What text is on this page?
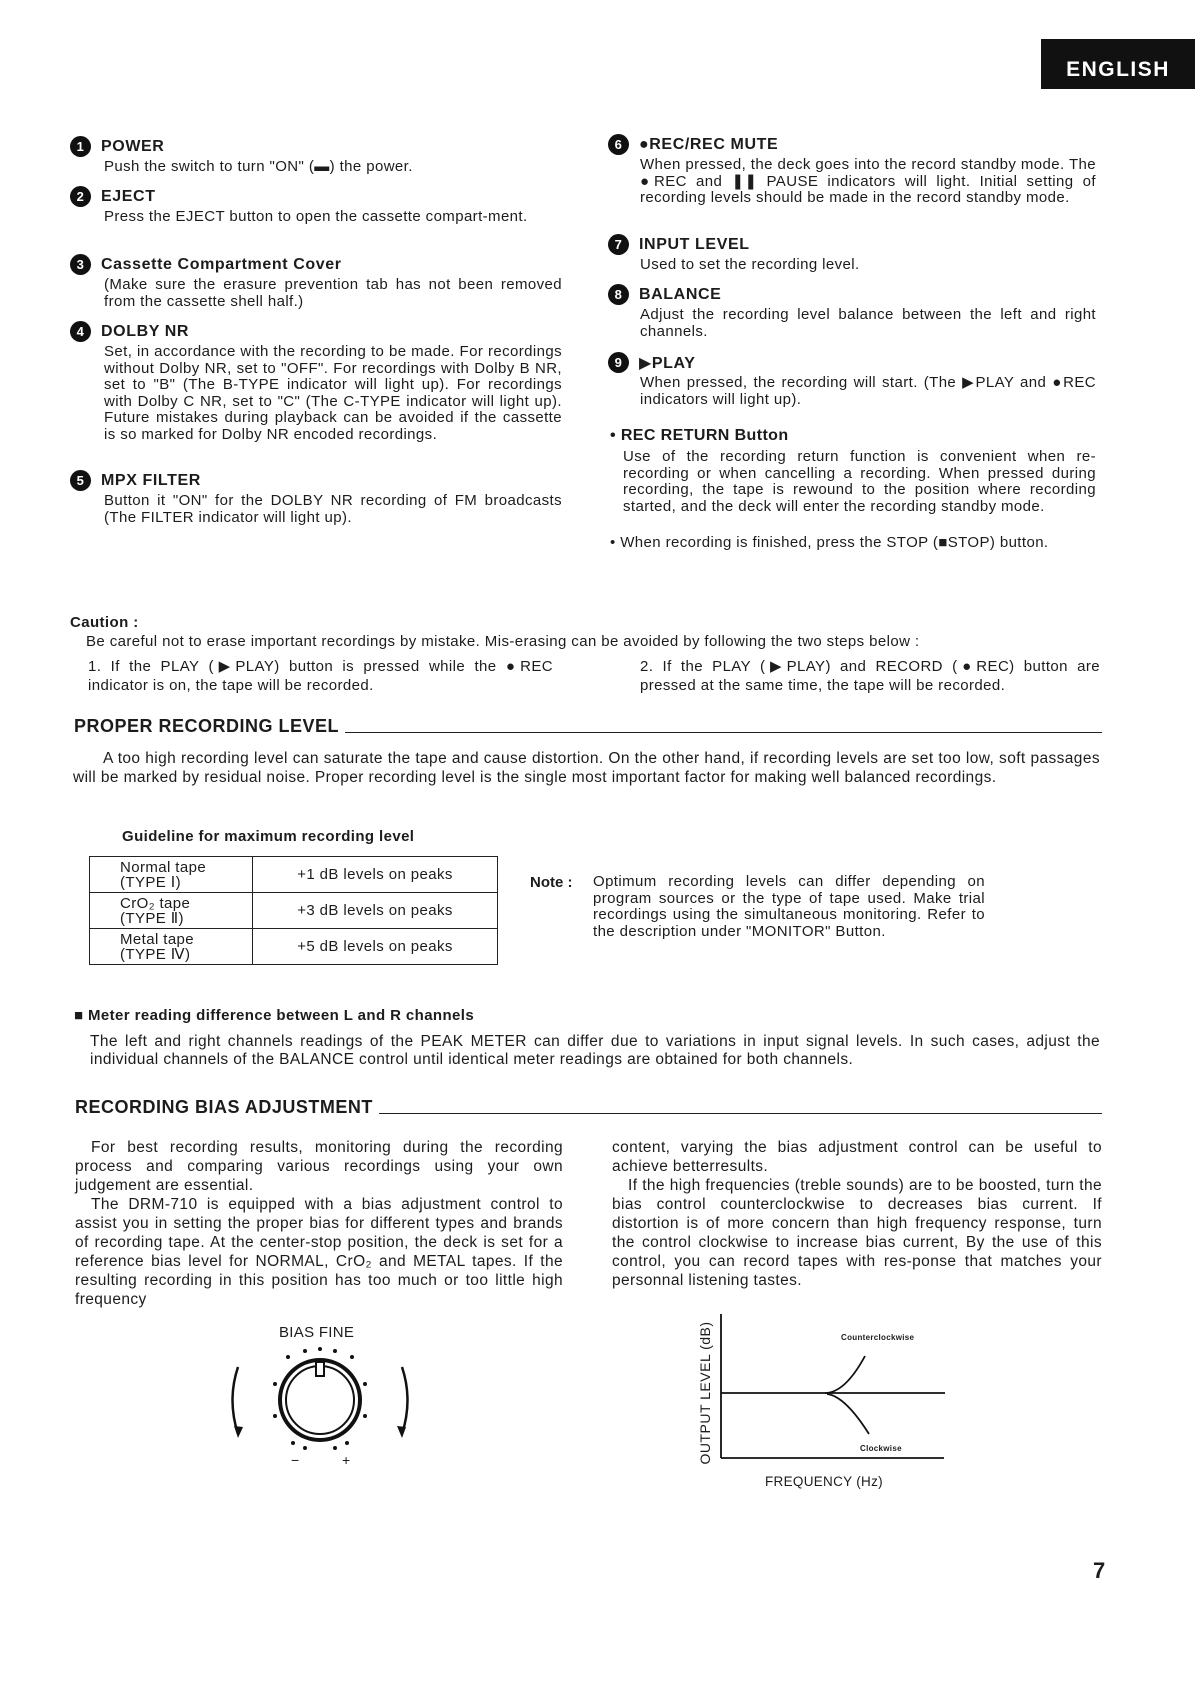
ENGLISH
1	POWER
Push the switch to turn "ON" (▬) the power.
2	EJECT
Press the EJECT button to open the cassette compart-ment.
3	Cassette Compartment Cover
(Make sure the erasure prevention tab has not been removed from the cassette shell half.)
4	DOLBY NR
Set, in accordance with the recording to be made. For recordings without Dolby NR, set to "OFF". For recordings with Dolby B NR, set to "B" (The B-TYPE indicator will light up). For recordings with Dolby C NR, set to "C" (The C-TYPE indicator will light up). Future mistakes during playback can be avoided if the cassette is so marked for Dolby NR encoded recordings.
5	MPX FILTER
Button it "ON" for the DOLBY NR recording of FM broadcasts (The FILTER indicator will light up).
6	●REC/REC MUTE
When pressed, the deck goes into the record standby mode. The ●REC and ❚❚ PAUSE indicators will light. Initial setting of recording levels should be made in the record standby mode.
7	INPUT LEVEL
Used to set the recording level.
8	BALANCE
Adjust the recording level balance between the left and right channels.
9	▶PLAY
When pressed, the recording will start. (The ▶PLAY and ●REC indicators will light up).
• REC RETURN Button
Use of the recording return function is convenient when re-recording or when cancelling a recording. When pressed during recording, the tape is rewound to the position where recording started, and the deck will enter the recording standby mode.
• When recording is finished, press the STOP (■STOP) button.
Caution :
Be careful not to erase important recordings by mistake. Mis-erasing can be avoided by following the two steps below :
1. If the PLAY (▶PLAY) button is pressed while the ●REC indicator is on, the tape will be recorded.
2. If the PLAY (▶PLAY) and RECORD (●REC) button are pressed at the same time, the tape will be recorded.
PROPER RECORDING LEVEL
A too high recording level can saturate the tape and cause distortion. On the other hand, if recording levels are set too low, soft passages will be marked by residual noise. Proper recording level is the single most important factor for making well balanced recordings.
Guideline for maximum recording level
Normal tape
(TYPE Ⅰ)	+1 dB levels on peaks

CrO₂ tape
(TYPE Ⅱ)	+3 dB levels on peaks

Metal tape
(TYPE Ⅳ)	+5 dB levels on peaks
Note :	Optimum recording levels can differ depending on program sources or the type of tape used. Make trial recordings using the simultaneous monitoring. Refer to the description under "MONITOR" Button.
■ Meter reading difference between L and R channels
The left and right channels readings of the PEAK METER can differ due to variations in input signal levels. In such cases, adjust the individual channels of the BALANCE control until identical meter readings are obtained for both channels.
RECORDING BIAS ADJUSTMENT
For best recording results, monitoring during the recording process and comparing various recordings using your own judgement are essential.
The DRM-710 is equipped with a bias adjustment control to assist you in setting the proper bias for different types and brands of recording tape. At the center-stop position, the deck is set for a reference bias level for NORMAL, CrO₂ and METAL tapes. If the resulting recording in this position has too much or too little high frequency
content, varying the bias adjustment control can be useful to achieve betterresults.
If the high frequencies (treble sounds) are to be boosted, turn the bias control counterclockwise to decreases bias current. If distortion is of more concern than high frequency response, turn the control clockwise to increase bias current, By the use of this control, you can record tapes with res-ponse that matches your personnal listening tastes.
BIAS FINE
−	+	OUTPUT LEVEL (dB)	Counterclockwise
Clockwise
FREQUENCY (Hz)
7
